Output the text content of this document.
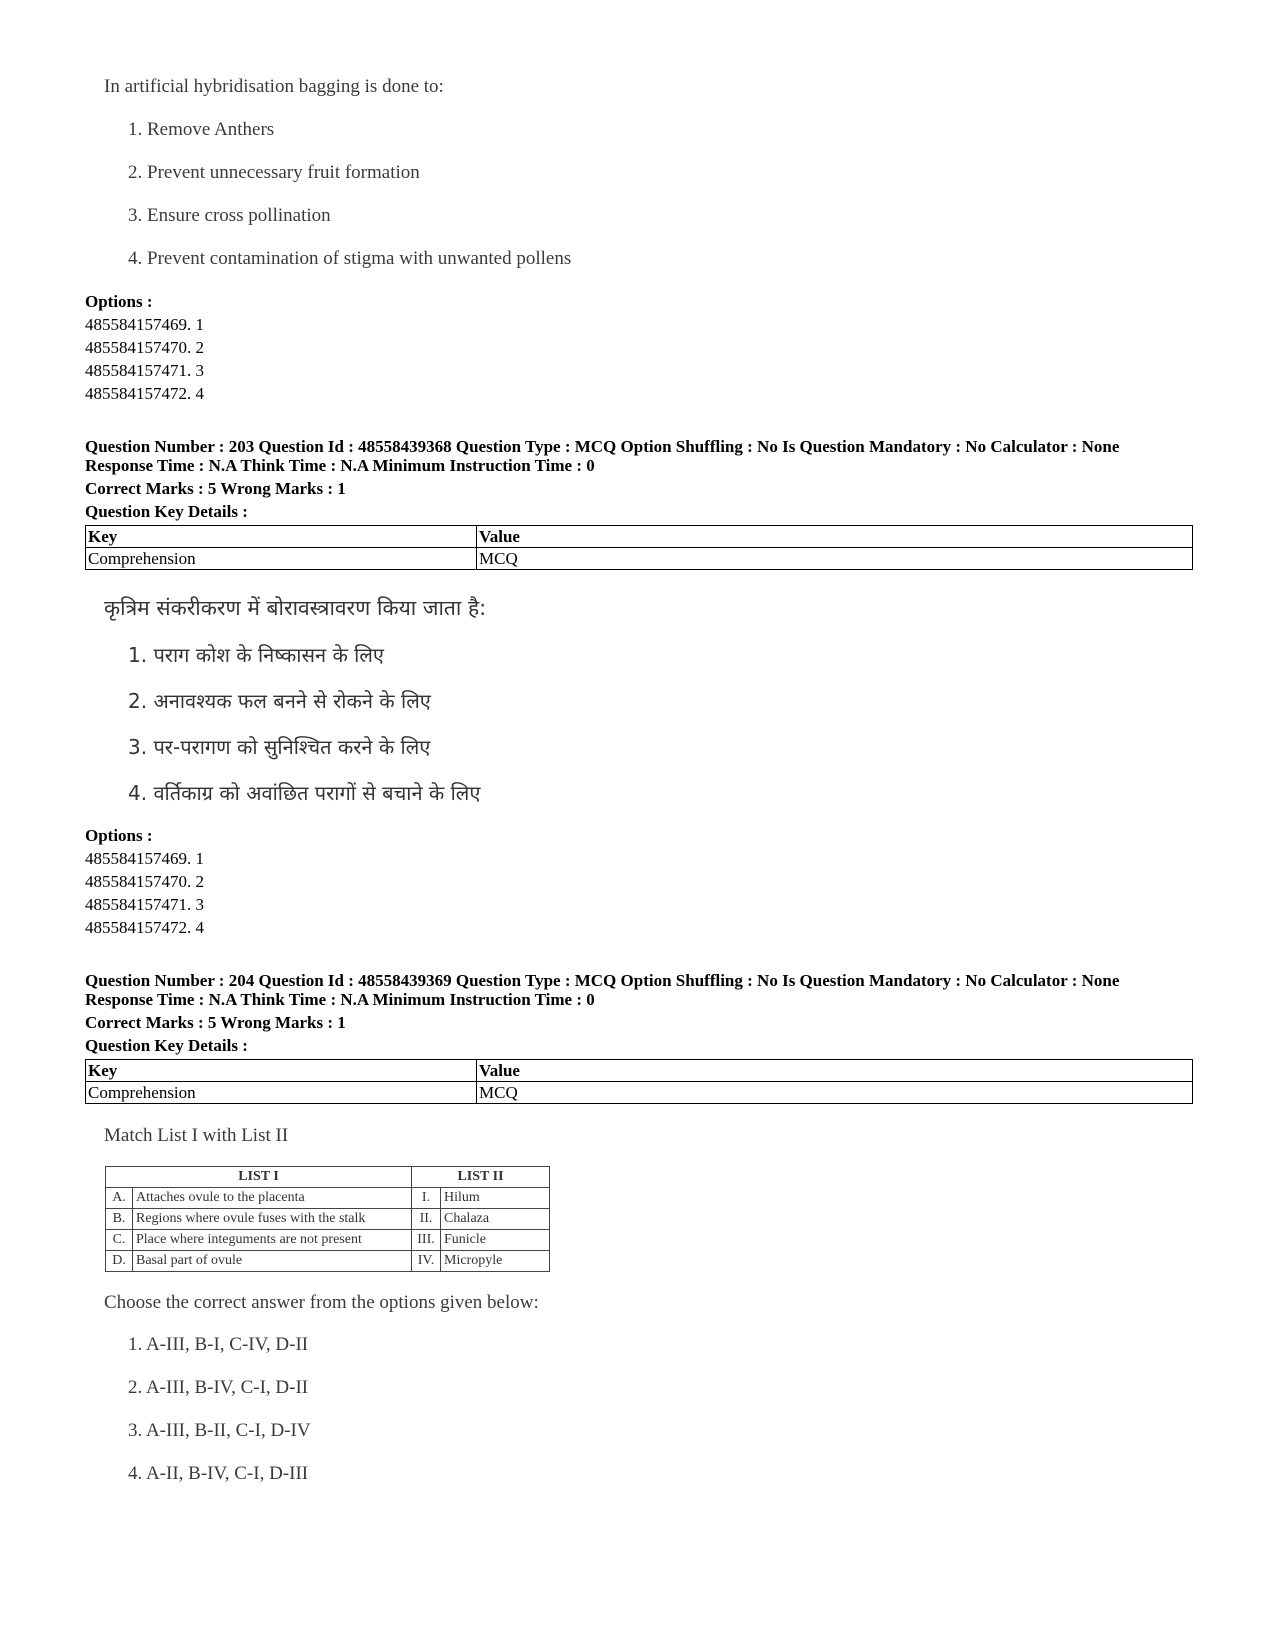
In artificial hybridisation bagging is done to:
1. Remove Anthers
2. Prevent unnecessary fruit formation
3. Ensure cross pollination
4. Prevent contamination of stigma with unwanted pollens
Options :
485584157469. 1
485584157470. 2
485584157471. 3
485584157472. 4
Question Number : 203 Question Id : 48558439368 Question Type : MCQ Option Shuffling : No Is Question Mandatory : No Calculator : None
Response Time : N.A Think Time : N.A Minimum Instruction Time : 0
Correct Marks : 5 Wrong Marks : 1
Question Key Details :
Key	Value
Comprehension	MCQ
कृत्रिम संकरीकरण में बोरावस्त्रावरण किया जाता है:
1. पराग कोश के निष्कासन के लिए
2. अनावश्यक फल बनने से रोकने के लिए
3. पर-परागण को सुनिश्चित करने के लिए
4. वर्तिकाग्र को अवांछित परागों से बचाने के लिए
Options :
485584157469. 1
485584157470. 2
485584157471. 3
485584157472. 4
Question Number : 204 Question Id : 48558439369 Question Type : MCQ Option Shuffling : No Is Question Mandatory : No Calculator : None
Response Time : N.A Think Time : N.A Minimum Instruction Time : 0
Correct Marks : 5 Wrong Marks : 1
Question Key Details :
Key	Value
Comprehension	MCQ
Match List I with List II
LIST I		LIST II	
A.	Attaches ovule to the placenta	I.	Hilum
B.	Regions where ovule fuses with the stalk	II.	Chalaza
C.	Place where integuments are not present	III.	Funicle
D.	Basal part of ovule	IV.	Micropyle
Choose the correct answer from the options given below:
1. A-III, B-I, C-IV, D-II
2. A-III, B-IV, C-I, D-II
3. A-III, B-II, C-I, D-IV
4. A-II, B-IV, C-I, D-III
